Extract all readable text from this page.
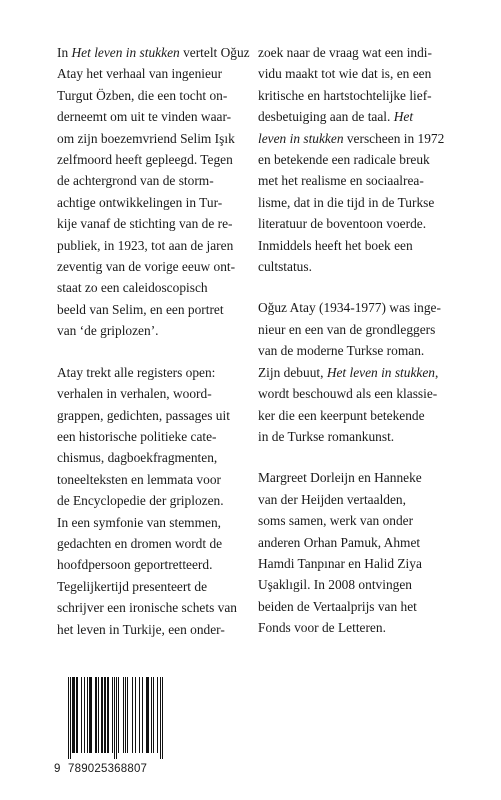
In Het leven in stukken vertelt Oğuz
Atay het verhaal van ingenieur
Turgut Özben, die een tocht on-
derneemt om uit te vinden waar-
om zijn boezemvriend Selim Işık
zelfmoord heeft gepleegd. Tegen
de achtergrond van de storm-
achtige ontwikkelingen in Tur-
kije vanaf de stichting van de re-
publiek, in 1923, tot aan de jaren
zeventig van de vorige eeuw ont-
staat zo een caleidoscopisch
beeld van Selim, en een portret
van ‘de griplozen’.

Atay trekt alle registers open:
verhalen in verhalen, woord-
grappen, gedichten, passages uit
een historische politieke cate-
chismus, dagboekfragmenten,
toneelteksten en lemmata voor
de Encyclopedie der griplozen.
In een symfonie van stemmen,
gedachten en dromen wordt de
hoofdpersoon geportretteerd.
Tegelijkertijd presenteert de
schrijver een ironische schets van
het leven in Turkije, een onder-

zoek naar de vraag wat een indi-
vidu maakt tot wie dat is, en een
kritische en hartstochtelijke lief-
desbetuiging aan de taal. Het
leven in stukken verscheen in 1972
en betekende een radicale breuk
met het realisme en sociaalrea-
lisme, dat in die tijd in de Turkse
literatuur de boventoon voerde.
Inmiddels heeft het boek een
cultstatus.

Oğuz Atay (1934-1977) was inge-
nieur en een van de grondleggers
van de moderne Turkse roman.
Zijn debuut, Het leven in stukken,
wordt beschouwd als een klassie-
ker die een keerpunt betekende
in de Turkse romankunst.

Margreet Dorleijn en Hanneke
van der Heijden vertaalden,
soms samen, werk van onder
anderen Orhan Pamuk, Ahmet
Hamdi Tanpınar en Halid Ziya
Uşaklıgil. In 2008 ontvingen
beiden de Vertaalprijs van het
Fonds voor de Letteren.

9 789025368807
